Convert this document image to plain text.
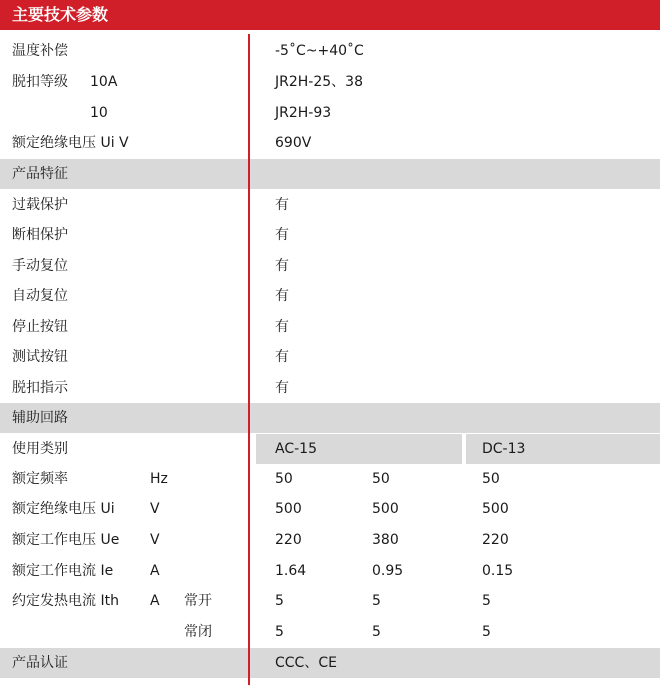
主要技术参数
温度补偿	-5˚C~+40˚C
脱扣等级 10A	JR2H-25、38
10	JR2H-93
额定绝缘电压 Ui V	690V
产品特征
过载保护	有
断相保护	有
手动复位	有
自动复位	有
停止按钮	有
测试按钮	有
脱扣指示	有
辅助回路
使用类别	AC-15	DC-13
额定频率	Hz	50	50	50
额定绝缘电压 Ui	V	500	500	500
额定工作电压 Ue V	220	380	220
额定工作电流 Ie	A	1.64	0.95	0.15
约定发热电流 Ith A 常开	5	5	5
常闭	5	5	5
产品认证	CCC、CE
